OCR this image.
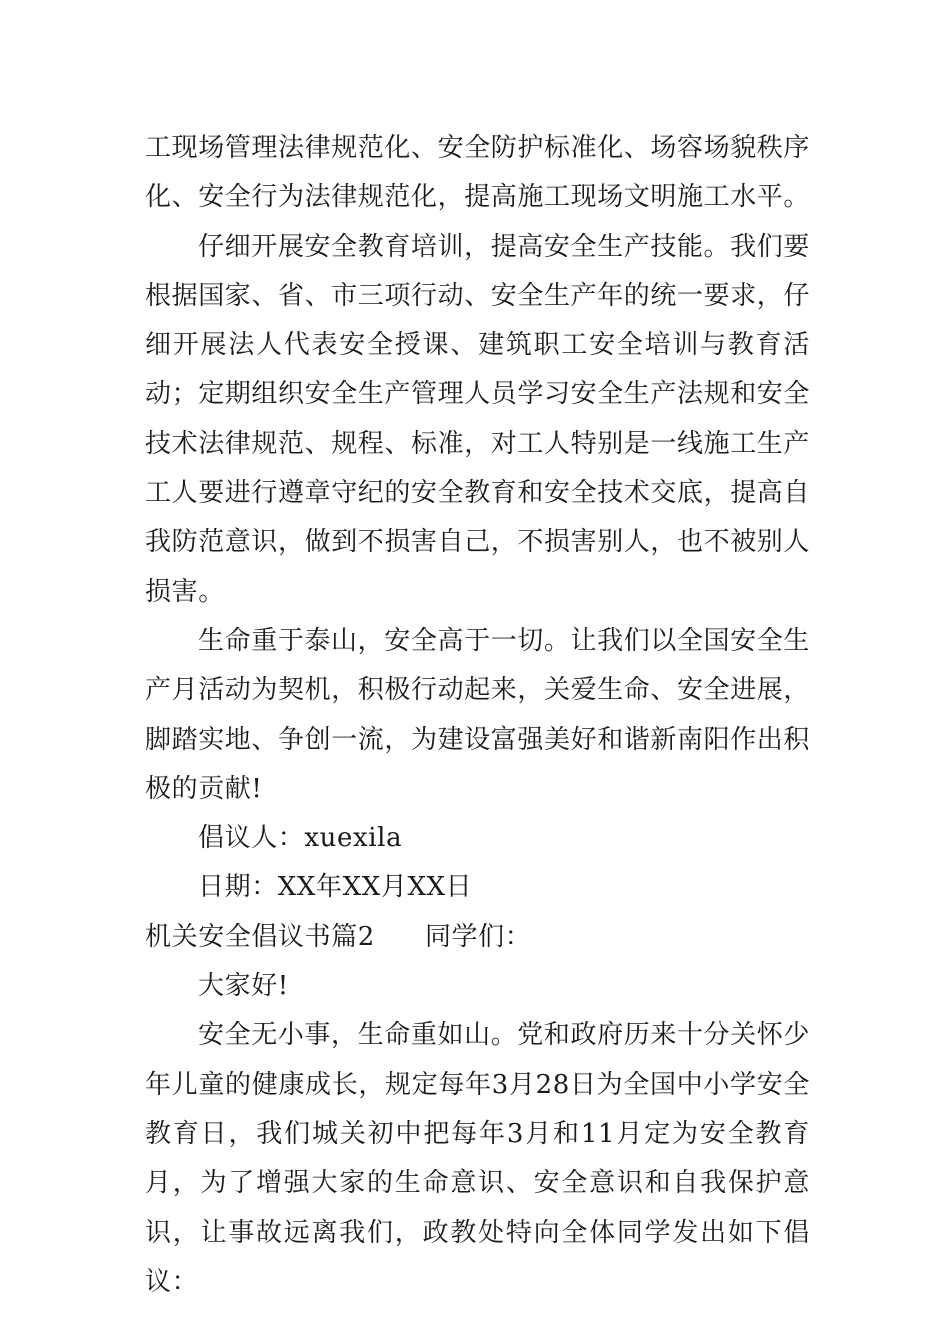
工现场管理法律规范化、安全防护标准化、场容场貌秩序化、安全行为法律规范化，提高施工现场文明施工水平。

仔细开展安全教育培训，提高安全生产技能。我们要根据国家、省、市三项行动、安全生产年的统一要求，仔细开展法人代表安全授课、建筑职工安全培训与教育活动；定期组织安全生产管理人员学习安全生产法规和安全技术法律规范、规程、标准，对工人特别是一线施工生产工人要进行遵章守纪的安全教育和安全技术交底，提高自我防范意识，做到不损害自己，不损害别人，也不被别人损害。

生命重于泰山，安全高于一切。让我们以全国安全生产月活动为契机，积极行动起来，关爱生命、安全进展，脚踏实地、争创一流，为建设富强美好和谐新南阳作出积极的贡献!

倡议人：xuexila

日期：XX年XX月XX日

机关安全倡议书篇2 同学们：

大家好!

安全无小事，生命重如山。党和政府历来十分关怀少年儿童的健康成长，规定每年3月28日为全国中小学安全教育日，我们城关初中把每年3月和11月定为安全教育月，为了增强大家的生命意识、安全意识和自我保护意识，让事故远离我们，政教处特向全体同学发出如下倡议：
